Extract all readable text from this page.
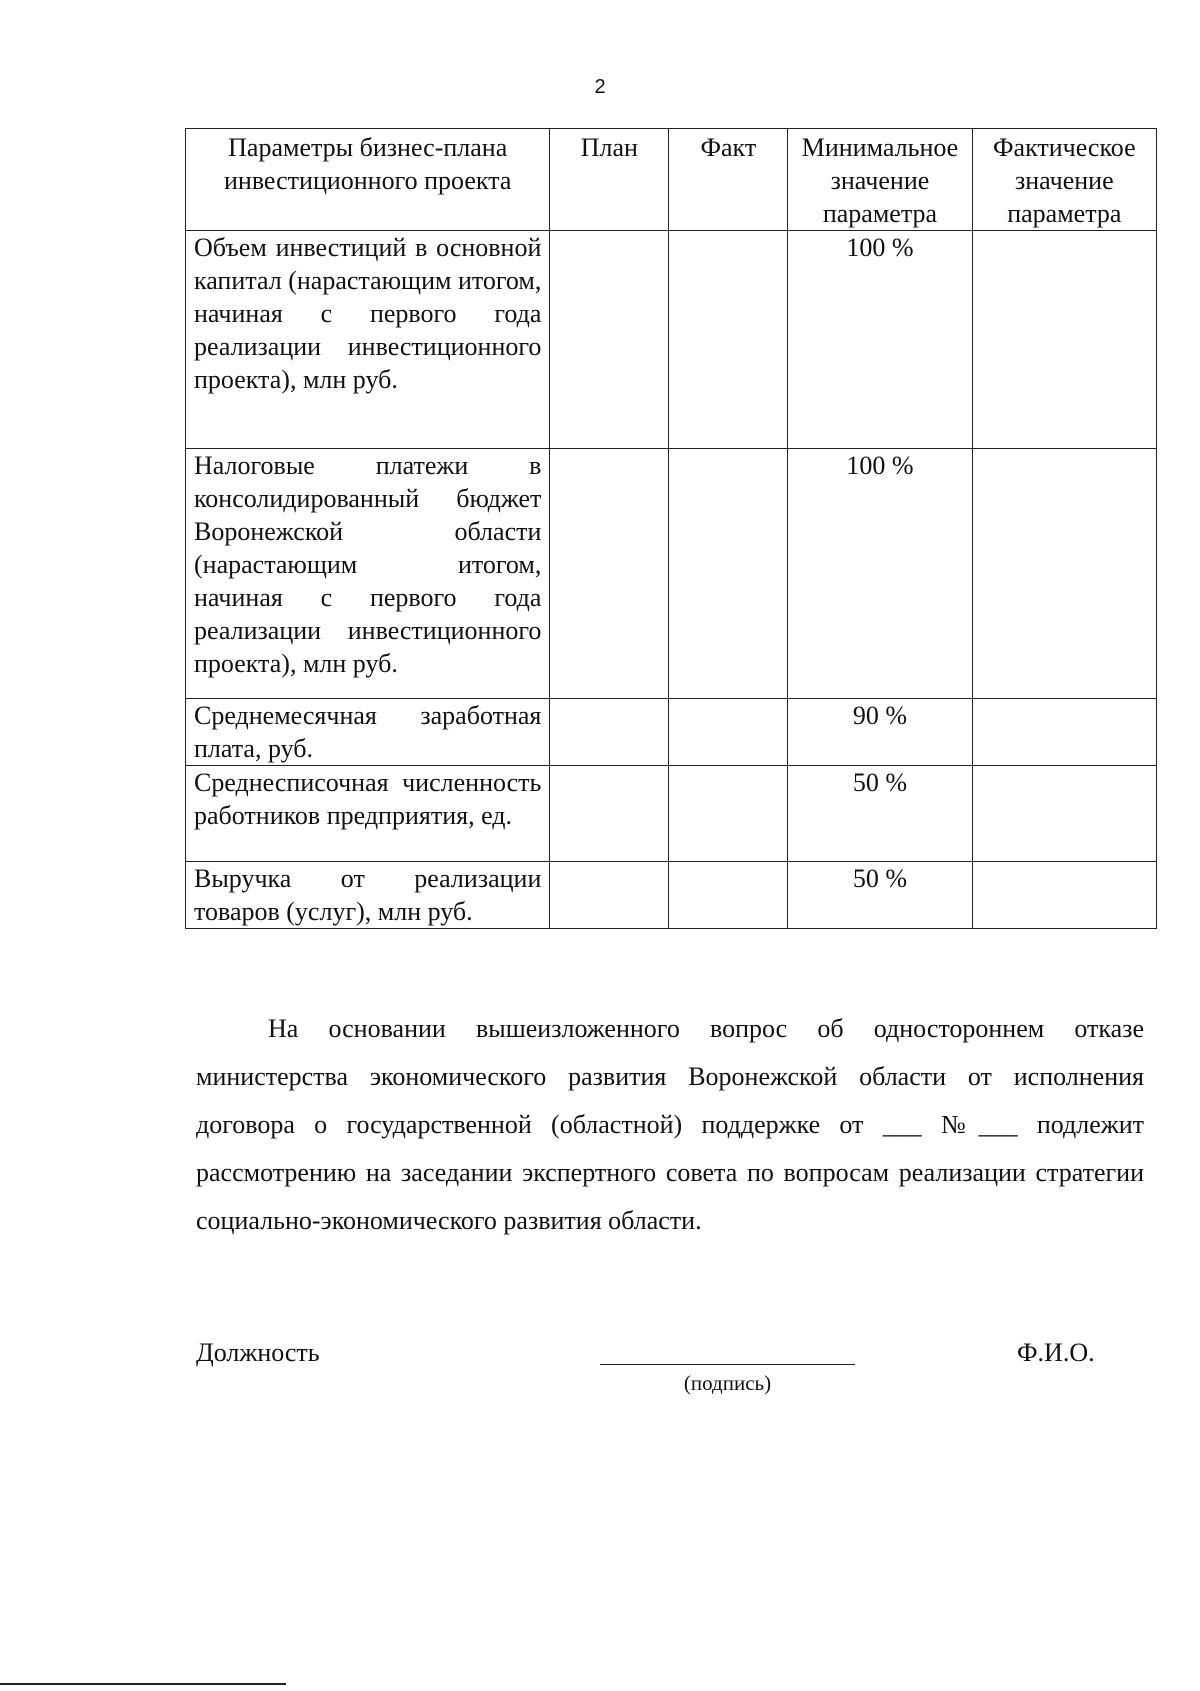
2
Параметры бизнес-плана инвестиционного проекта	План	Факт	Минимальное значение параметра	Фактическое значение параметра
Объем инвестиций в основной капитал (нарастающим итогом, начиная с первого года реализации инвестиционного проекта), млн руб.			100 %	
Налоговые платежи в консолидированный бюджет Воронежской области (нарастающим итогом, начиная с первого года реализации инвестиционного проекта), млн руб.			100 %	
Среднемесячная заработная плата, руб.			90 %	
Среднесписочная численность работников предприятия, ед.			50 %	
Выручка от реализации товаров (услуг), млн руб.			50 %	

На основании вышеизложенного вопрос об одностороннем отказе министерства экономического развития Воронежской области от исполнения договора о государственной (областной) поддержке от ___ №___ подлежит рассмотрению на заседании экспертного совета по вопросам реализации стратегии социально-экономического развития области.

Должность
(подпись)
Ф.И.О.
